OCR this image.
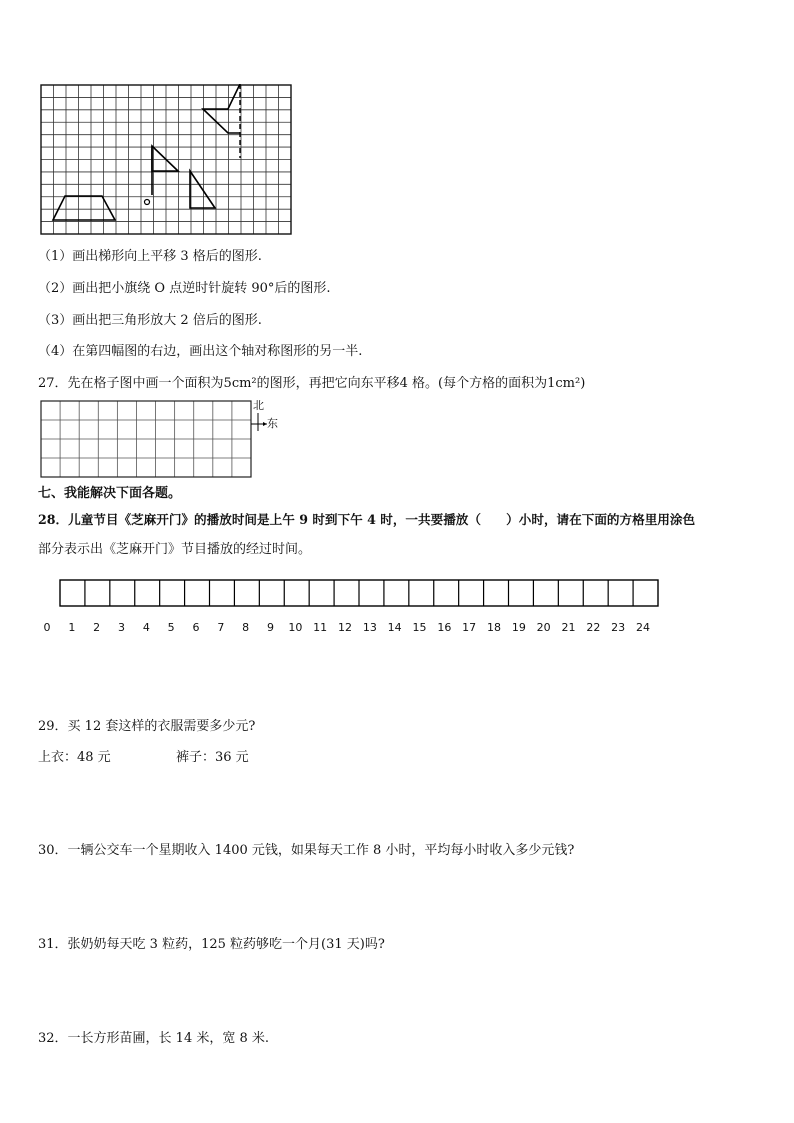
（1）画出梯形向上平移 3 格后的图形.
（2）画出把小旗绕 O 点逆时针旋转 90°后的图形.
（3）画出把三角形放大 2 倍后的图形.
（4）在第四幅图的右边，画出这个轴对称图形的另一半.
27．先在格子图中画一个面积为5cm²的图形，再把它向东平移4 格。(每个方格的面积为1cm²)
北
东
七、我能解决下面各题。
28．儿童节目《芝麻开门》的播放时间是上午 9 时到下午 4 时，一共要播放（　　）小时，请在下面的方格里用涂色
部分表示出《芝麻开门》节目播放的经过时间。
0 1 2 3 4 5 6 7 8 9 10 11 12 13 14 15 16 17 18 19 20 21 22 23 24
29．买 12 套这样的衣服需要多少元?
上衣：48 元	裤子：36 元
30．一辆公交车一个星期收入 1400 元钱，如果每天工作 8 小时，平均每小时收入多少元钱?
31．张奶奶每天吃 3 粒药，125 粒药够吃一个月(31 天)吗?
32．一长方形苗圃，长 14 米，宽 8 米.
